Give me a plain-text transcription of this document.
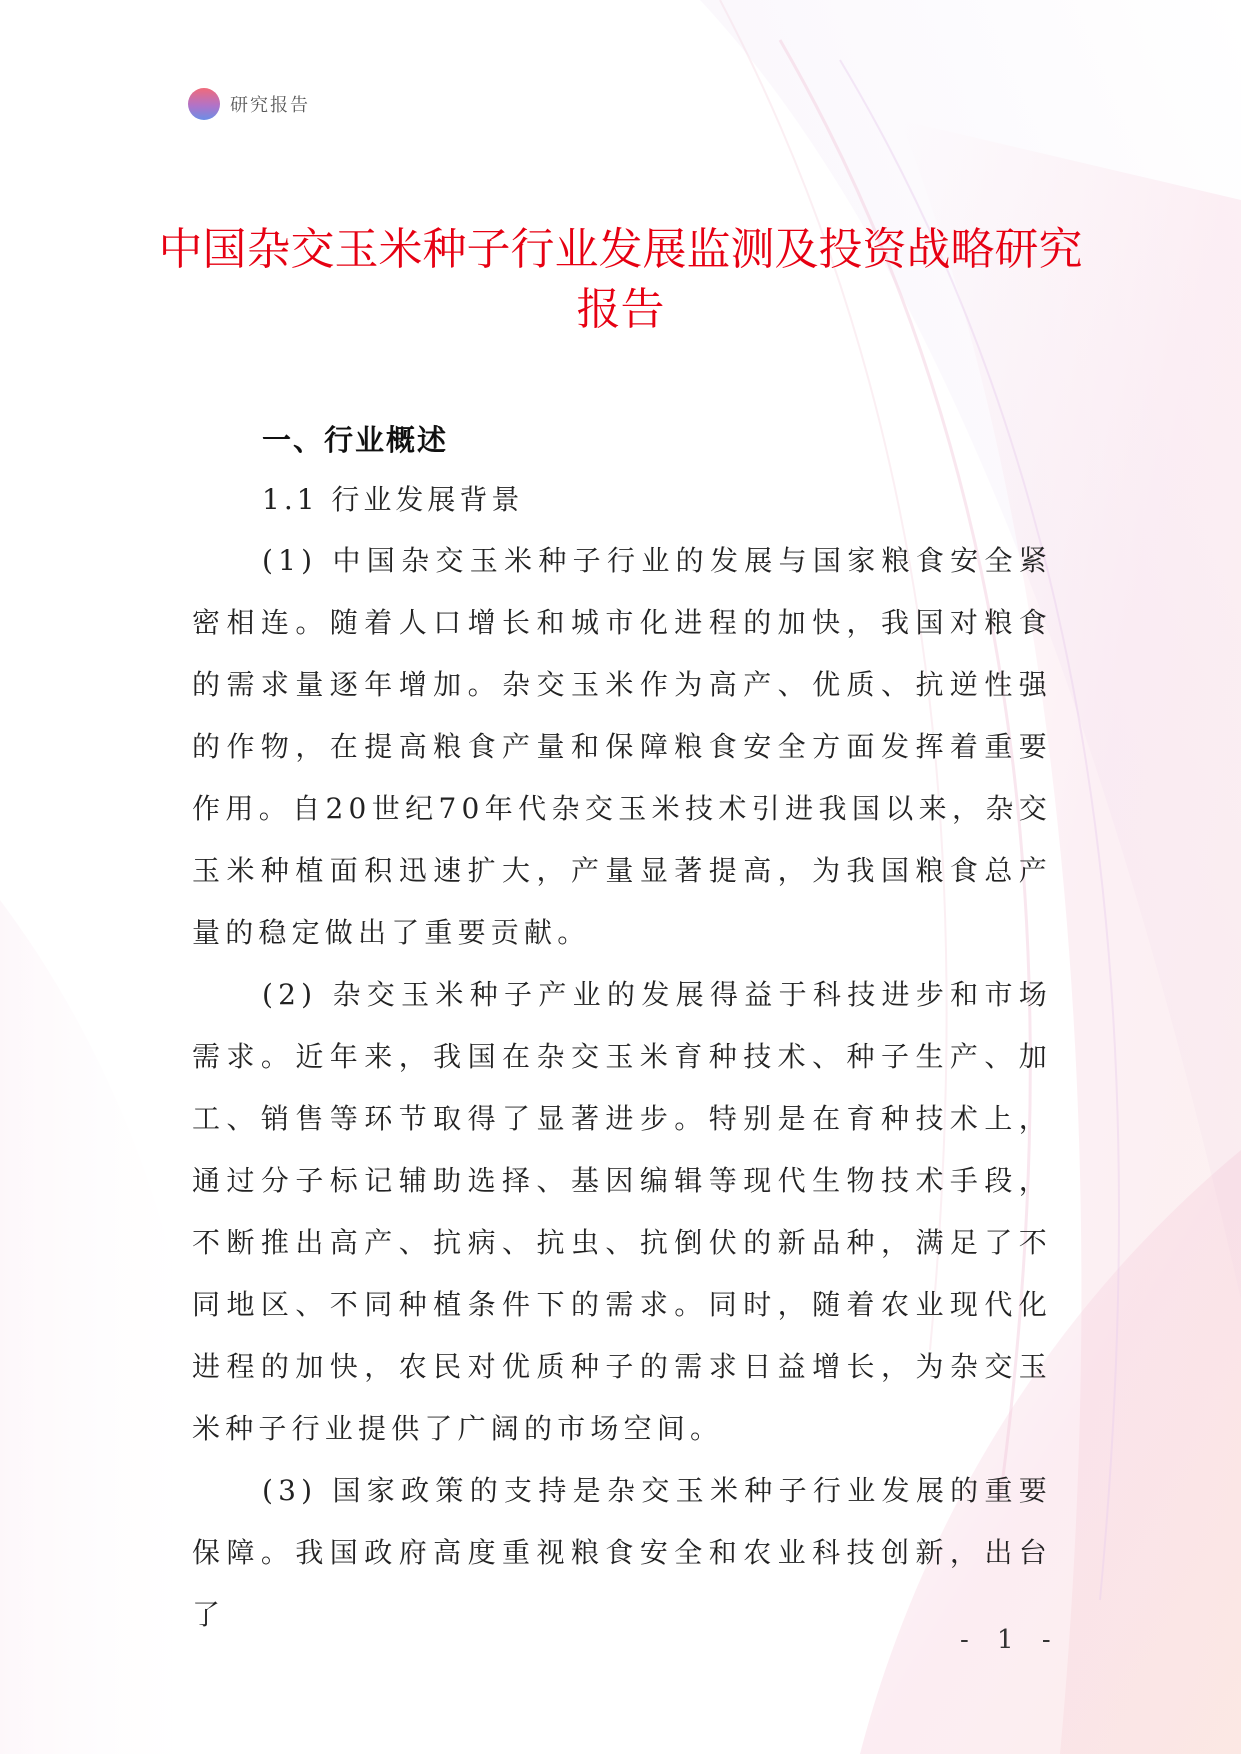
研究报告
中国杂交玉米种子行业发展监测及投资战略研究报告
一、行业概述
1.1 行业发展背景

(1) 中国杂交玉米种子行业的发展与国家粮食安全紧密相连。随着人口增长和城市化进程的加快，我国对粮食的需求量逐年增加。杂交玉米作为高产、优质、抗逆性强的作物，在提高粮食产量和保障粮食安全方面发挥着重要作用。自20世纪70年代杂交玉米技术引进我国以来，杂交玉米种植面积迅速扩大，产量显著提高，为我国粮食总产量的稳定做出了重要贡献。

(2) 杂交玉米种子产业的发展得益于科技进步和市场需求。近年来，我国在杂交玉米育种技术、种子生产、加工、销售等环节取得了显著进步。特别是在育种技术上，通过分子标记辅助选择、基因编辑等现代生物技术手段，不断推出高产、抗病、抗虫、抗倒伏的新品种，满足了不同地区、不同种植条件下的需求。同时，随着农业现代化进程的加快，农民对优质种子的需求日益增长，为杂交玉米种子行业提供了广阔的市场空间。

(3) 国家政策的支持是杂交玉米种子行业发展的重要保障。我国政府高度重视粮食安全和农业科技创新，出台了

- 1 -
